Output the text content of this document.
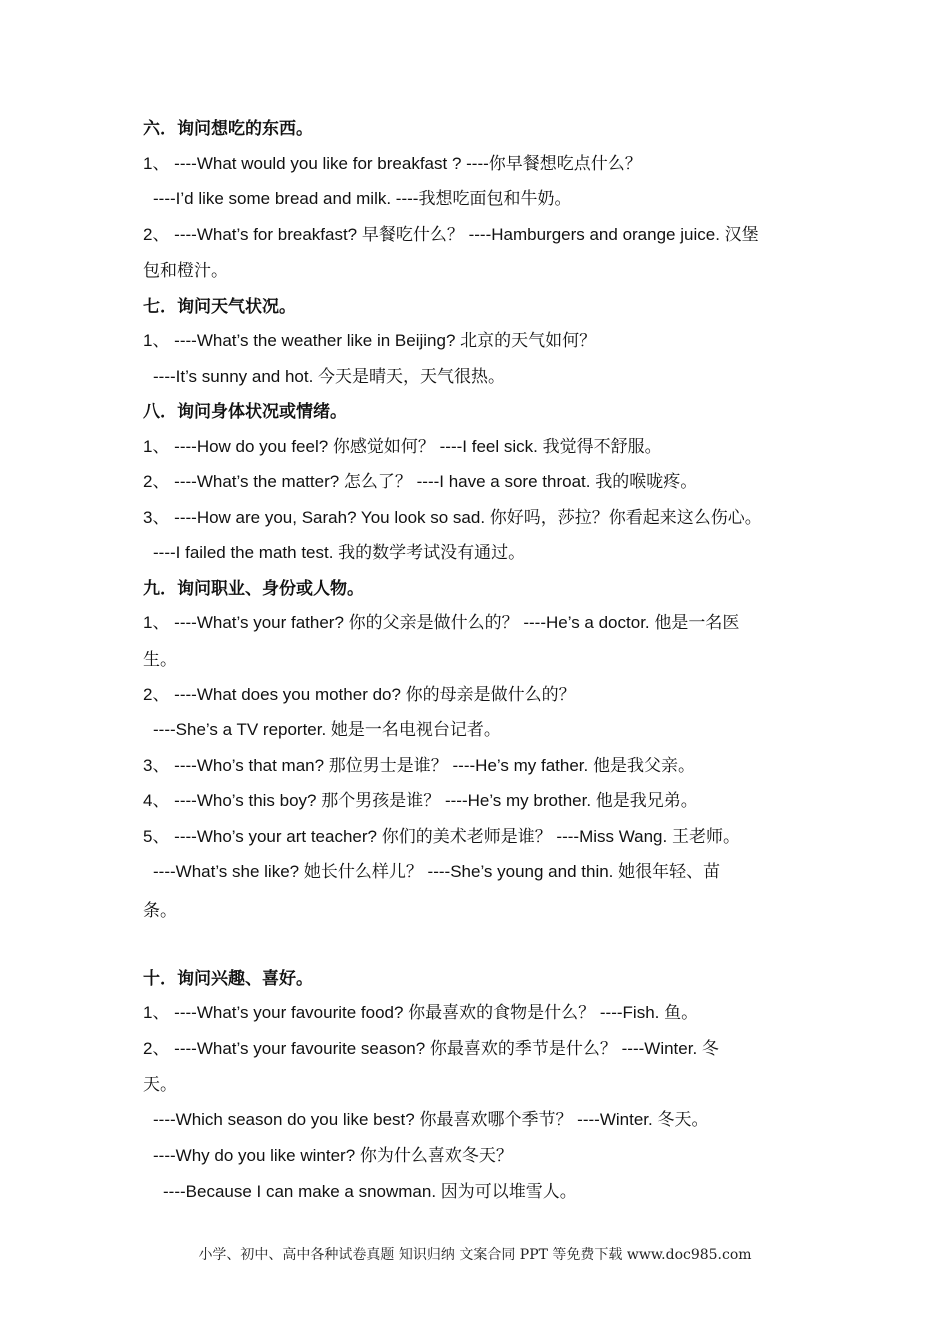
六．询问想吃的东西。
1、 ----What would you like for breakfast ? ----你早餐想吃点什么？
----I’d like some bread and milk. ----我想吃面包和牛奶。
2、 ----What’s for breakfast? 早餐吃什么？ ----Hamburgers and orange juice. 汉堡
包和橙汁。
七．询问天气状况。
1、 ----What’s the weather like in Beijing? 北京的天气如何？
----It’s sunny and hot. 今天是晴天，天气很热。
八．询问身体状况或情绪。
1、 ----How do you feel? 你感觉如何？ ----I feel sick. 我觉得不舒服。
2、 ----What’s the matter? 怎么了？ ----I have a sore throat. 我的喉咙疼。
3、 ----How are you, Sarah? You look so sad. 你好吗，莎拉？你看起来这么伤心。
----I failed the math test. 我的数学考试没有通过。
九．询问职业、身份或人物。
1、 ----What’s your father? 你的父亲是做什么的？ ----He’s a doctor. 他是一名医
生。
2、 ----What does you mother do? 你的母亲是做什么的？
----She’s a TV reporter. 她是一名电视台记者。
3、 ----Who’s that man? 那位男士是谁？ ----He’s my father. 他是我父亲。
4、 ----Who’s this boy? 那个男孩是谁？ ----He’s my brother. 他是我兄弟。
5、 ----Who’s your art teacher? 你们的美术老师是谁？ ----Miss Wang. 王老师。
----What’s she like? 她长什么样儿？ ----She’s young and thin. 她很年轻、苗
条。
十．询问兴趣、喜好。
1、 ----What’s your favourite food? 你最喜欢的食物是什么？ ----Fish. 鱼。
2、 ----What’s your favourite season? 你最喜欢的季节是什么？ ----Winter. 冬
天。
----Which season do you like best? 你最喜欢哪个季节？ ----Winter. 冬天。
----Why do you like winter? 你为什么喜欢冬天？
----Because I can make a snowman. 因为可以堆雪人。
小学、初中、高中各种试卷真题 知识归纳 文案合同 PPT 等免费下载 www.doc985.com
